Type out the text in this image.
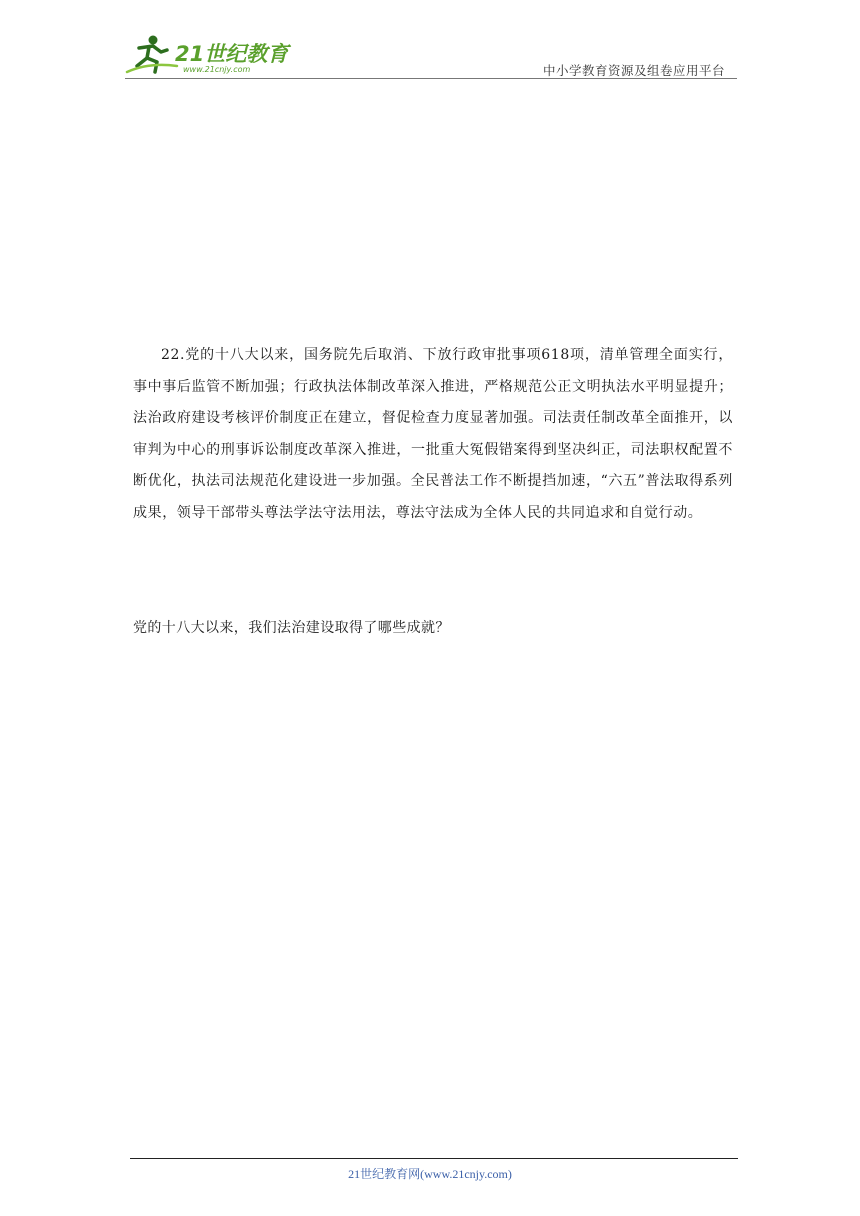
21世纪教育
www.21cnjy.com	中小学教育资源及组卷应用平台

22.党的十八大以来，国务院先后取消、下放行政审批事项618项，清单管理全面实行，事中事后监管不断加强；行政执法体制改革深入推进，严格规范公正文明执法水平明显提升；法治政府建设考核评价制度正在建立，督促检查力度显著加强。司法责任制改革全面推开，以审判为中心的刑事诉讼制度改革深入推进，一批重大冤假错案得到坚决纠正，司法职权配置不断优化，执法司法规范化建设进一步加强。全民普法工作不断提挡加速，“六五”普法取得系列成果，领导干部带头尊法学法守法用法，尊法守法成为全体人民的共同追求和自觉行动。

党的十八大以来，我们法治建设取得了哪些成就？

21世纪教育网(www.21cnjy.com)
